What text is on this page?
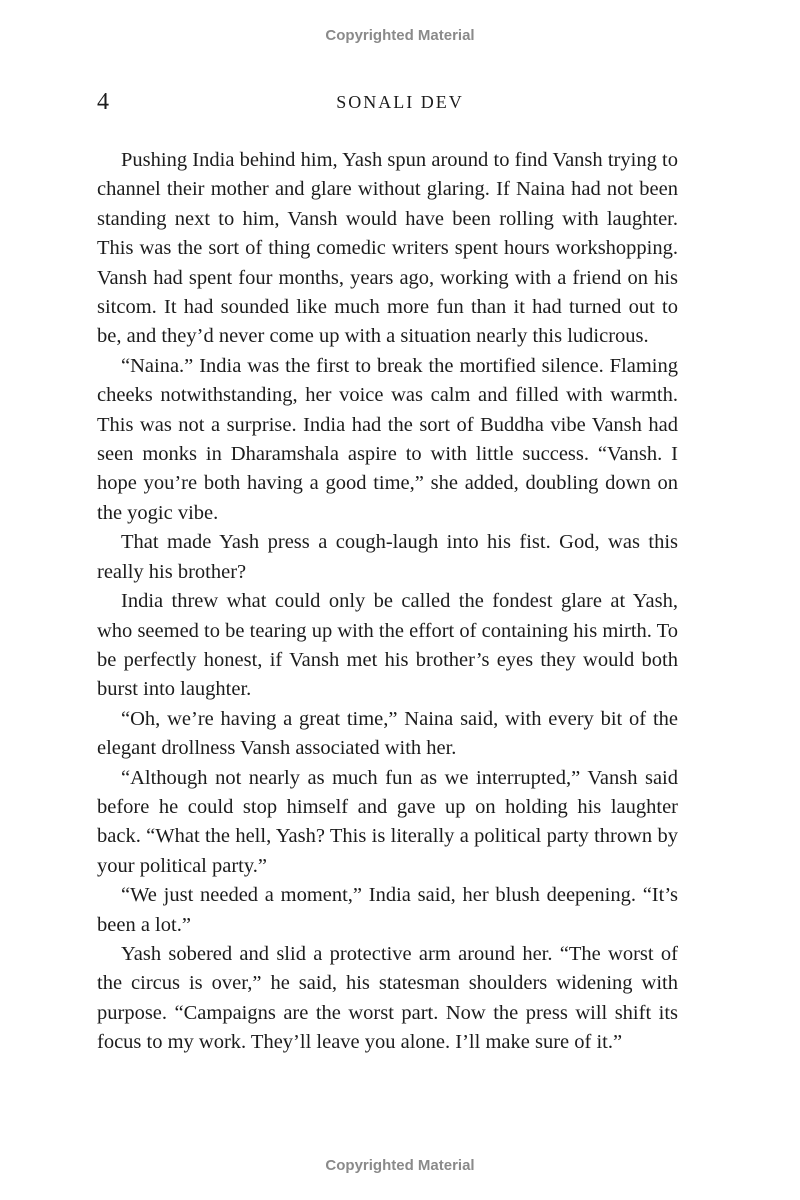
Copyrighted Material
4	SONALI DEV

Pushing India behind him, Yash spun around to find Vansh trying to channel their mother and glare without glaring. If Naina had not been standing next to him, Vansh would have been rolling with laughter. This was the sort of thing comedic writers spent hours workshopping. Vansh had spent four months, years ago, working with a friend on his sitcom. It had sounded like much more fun than it had turned out to be, and they’d never come up with a situation nearly this ludicrous.

“Naina.” India was the first to break the mortified silence. Flaming cheeks notwithstanding, her voice was calm and filled with warmth. This was not a surprise. India had the sort of Buddha vibe Vansh had seen monks in Dharamshala aspire to with little success. “Vansh. I hope you’re both having a good time,” she added, doubling down on the yogic vibe.

That made Yash press a cough-laugh into his fist. God, was this really his brother?

India threw what could only be called the fondest glare at Yash, who seemed to be tearing up with the effort of containing his mirth. To be perfectly honest, if Vansh met his brother’s eyes they would both burst into laughter.

“Oh, we’re having a great time,” Naina said, with every bit of the elegant drollness Vansh associated with her.

“Although not nearly as much fun as we interrupted,” Vansh said before he could stop himself and gave up on holding his laughter back. “What the hell, Yash? This is literally a political party thrown by your political party.”

“We just needed a moment,” India said, her blush deepening. “It’s been a lot.”

Yash sobered and slid a protective arm around her. “The worst of the circus is over,” he said, his statesman shoulders widening with purpose. “Campaigns are the worst part. Now the press will shift its focus to my work. They’ll leave you alone. I’ll make sure of it.”

Copyrighted Material
